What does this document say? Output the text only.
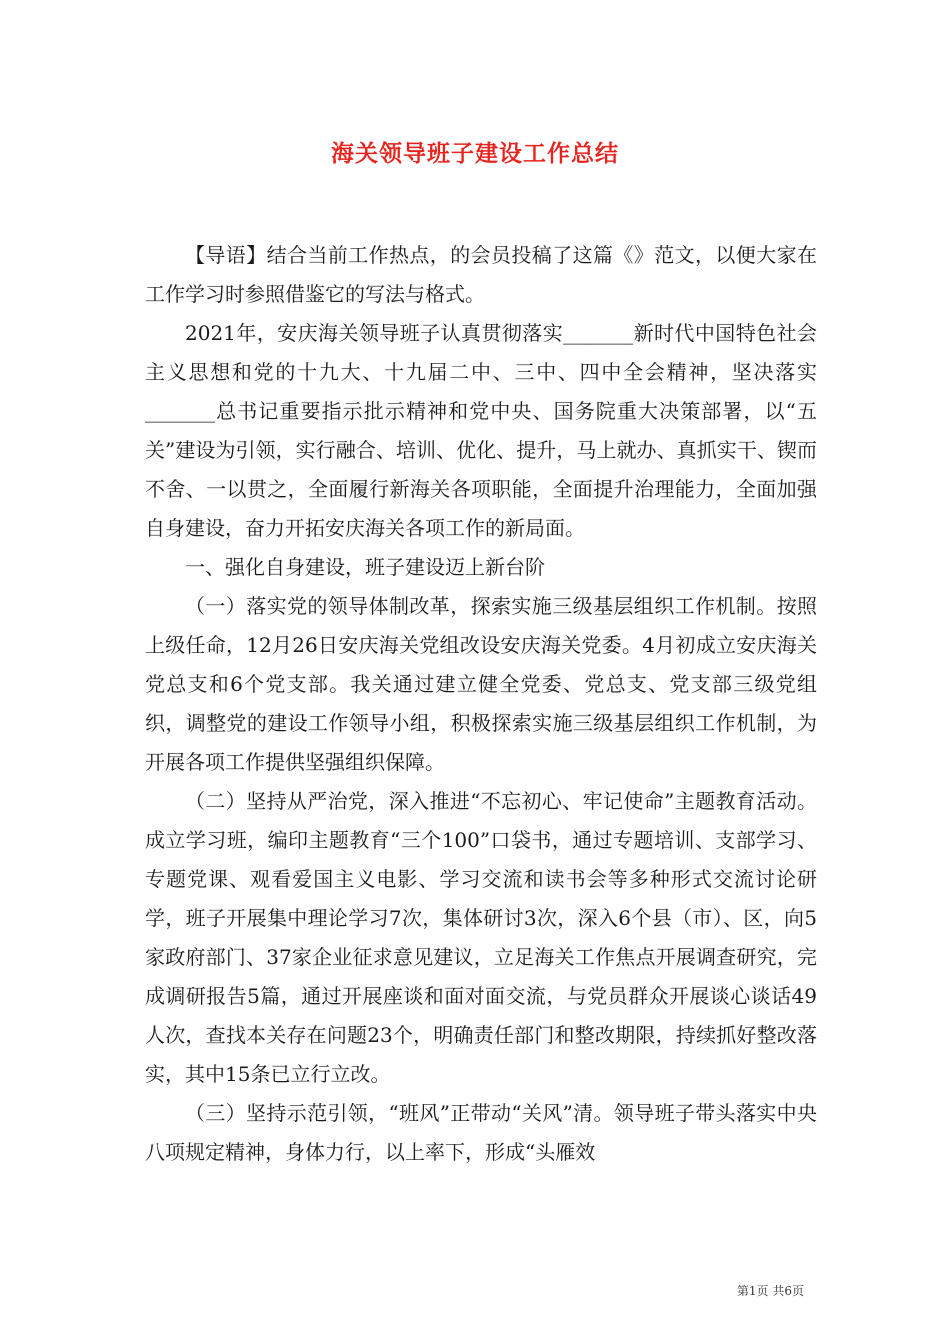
海关领导班子建设工作总结

【导语】结合当前工作热点，的会员投稿了这篇《》范文，以便大家在工作学习时参照借鉴它的写法与格式。

2021年，安庆海关领导班子认真贯彻落实_______新时代中国特色社会主义思想和党的十九大、十九届二中、三中、四中全会精神，坚决落实_______总书记重要指示批示精神和党中央、国务院重大决策部署，以“五关”建设为引领，实行融合、培训、优化、提升，马上就办、真抓实干、锲而不舍、一以贯之，全面履行新海关各项职能，全面提升治理能力，全面加强自身建设，奋力开拓安庆海关各项工作的新局面。

一、强化自身建设，班子建设迈上新台阶

（一）落实党的领导体制改革，探索实施三级基层组织工作机制。按照上级任命，12月26日安庆海关党组改设安庆海关党委。4月初成立安庆海关党总支和6个党支部。我关通过建立健全党委、党总支、党支部三级党组织，调整党的建设工作领导小组，积极探索实施三级基层组织工作机制，为开展各项工作提供坚强组织保障。

（二）坚持从严治党，深入推进“不忘初心、牢记使命”主题教育活动。成立学习班，编印主题教育“三个100”口袋书，通过专题培训、支部学习、专题党课、观看爱国主义电影、学习交流和读书会等多种形式交流讨论研学，班子开展集中理论学习7次，集体研讨3次，深入6个县（市）、区，向5家政府部门、37家企业征求意见建议，立足海关工作焦点开展调查研究，完成调研报告5篇，通过开展座谈和面对面交流，与党员群众开展谈心谈话49人次，查找本关存在问题23个，明确责任部门和整改期限，持续抓好整改落实，其中15条已立行立改。

（三）坚持示范引领，“班风”正带动“关风”清。领导班子带头落实中央八项规定精神，身体力行，以上率下，形成“头雁效

第1页 共6页
